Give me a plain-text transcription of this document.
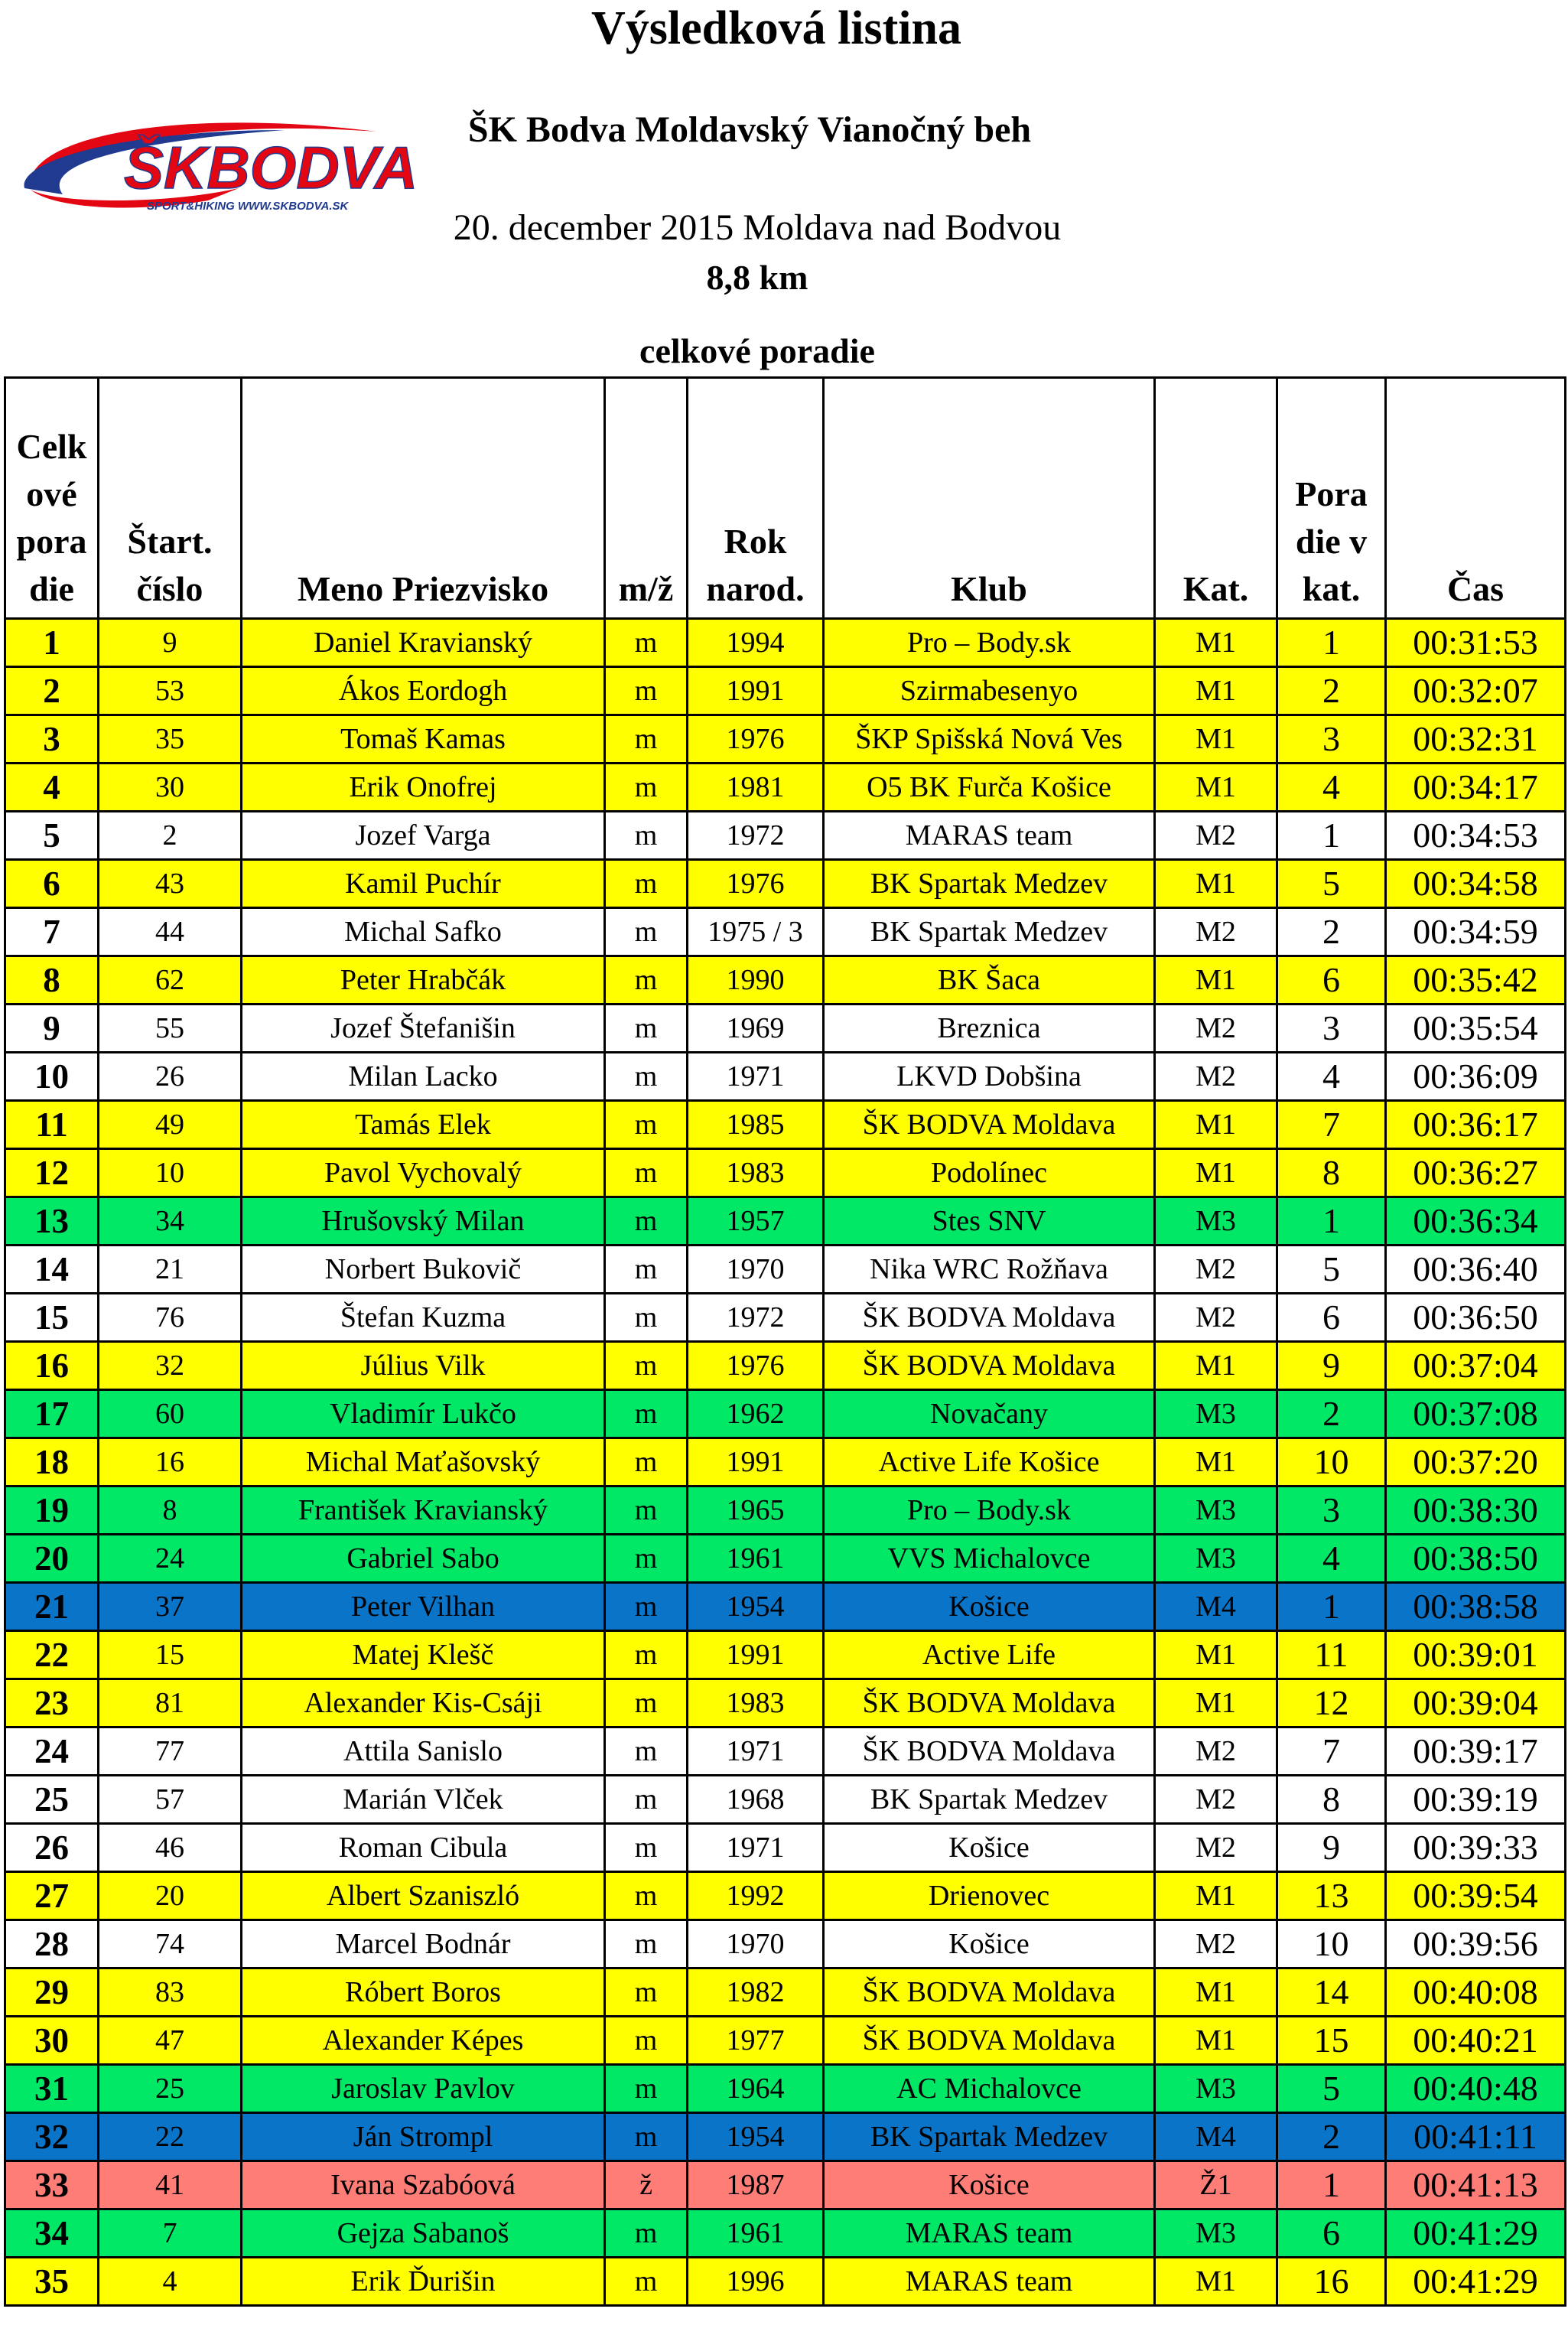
Výsledková listina
ŠKBODVA
SPORT&HIKING WWW.SKBODVA.SK
ŠK Bodva Moldavský Vianočný beh
20. december 2015 Moldava nad Bodvou
8,8 km
celkové poradie
Celk ové pora die	Štart. číslo	Meno Priezvisko	m/ž	Rok narod.	Klub	Kat.	Pora die v kat.	Čas
1	9	Daniel Kravianský	m	1994	Pro – Body.sk	M1	1	00:31:53
2	53	Ákos Eordogh	m	1991	Szirmabesenyo	M1	2	00:32:07
3	35	Tomaš Kamas	m	1976	ŠKP Spišská Nová Ves	M1	3	00:32:31
4	30	Erik Onofrej	m	1981	O5 BK Furča Košice	M1	4	00:34:17
5	2	Jozef Varga	m	1972	MARAS team	M2	1	00:34:53
6	43	Kamil Puchír	m	1976	BK Spartak Medzev	M1	5	00:34:58
7	44	Michal Safko	m	1975 / 3	BK Spartak Medzev	M2	2	00:34:59
8	62	Peter Hrabčák	m	1990	BK Šaca	M1	6	00:35:42
9	55	Jozef Štefanišin	m	1969	Breznica	M2	3	00:35:54
10	26	Milan Lacko	m	1971	LKVD Dobšina	M2	4	00:36:09
11	49	Tamás Elek	m	1985	ŠK BODVA Moldava	M1	7	00:36:17
12	10	Pavol Vychovalý	m	1983	Podolínec	M1	8	00:36:27
13	34	Hrušovský Milan	m	1957	Stes SNV	M3	1	00:36:34
14	21	Norbert Bukovič	m	1970	Nika WRC Rožňava	M2	5	00:36:40
15	76	Štefan Kuzma	m	1972	ŠK BODVA Moldava	M2	6	00:36:50
16	32	Július Vilk	m	1976	ŠK BODVA Moldava	M1	9	00:37:04
17	60	Vladimír Lukčo	m	1962	Novačany	M3	2	00:37:08
18	16	Michal Maťašovský	m	1991	Active Life Košice	M1	10	00:37:20
19	8	František Kravianský	m	1965	Pro – Body.sk	M3	3	00:38:30
20	24	Gabriel Sabo	m	1961	VVS Michalovce	M3	4	00:38:50
21	37	Peter Vilhan	m	1954	Košice	M4	1	00:38:58
22	15	Matej Klešč	m	1991	Active Life	M1	11	00:39:01
23	81	Alexander Kis-Csáji	m	1983	ŠK BODVA Moldava	M1	12	00:39:04
24	77	Attila Sanislo	m	1971	ŠK BODVA Moldava	M2	7	00:39:17
25	57	Marián Vlček	m	1968	BK Spartak Medzev	M2	8	00:39:19
26	46	Roman Cibula	m	1971	Košice	M2	9	00:39:33
27	20	Albert Szaniszló	m	1992	Drienovec	M1	13	00:39:54
28	74	Marcel Bodnár	m	1970	Košice	M2	10	00:39:56
29	83	Róbert Boros	m	1982	ŠK BODVA Moldava	M1	14	00:40:08
30	47	Alexander Képes	m	1977	ŠK BODVA Moldava	M1	15	00:40:21
31	25	Jaroslav Pavlov	m	1964	AC Michalovce	M3	5	00:40:48
32	22	Ján Strompl	m	1954	BK Spartak Medzev	M4	2	00:41:11
33	41	Ivana Szabóová	ž	1987	Košice	Ž1	1	00:41:13
34	7	Gejza Sabanoš	m	1961	MARAS team	M3	6	00:41:29
35	4	Erik Ďurišin	m	1996	MARAS team	M1	16	00:41:29
